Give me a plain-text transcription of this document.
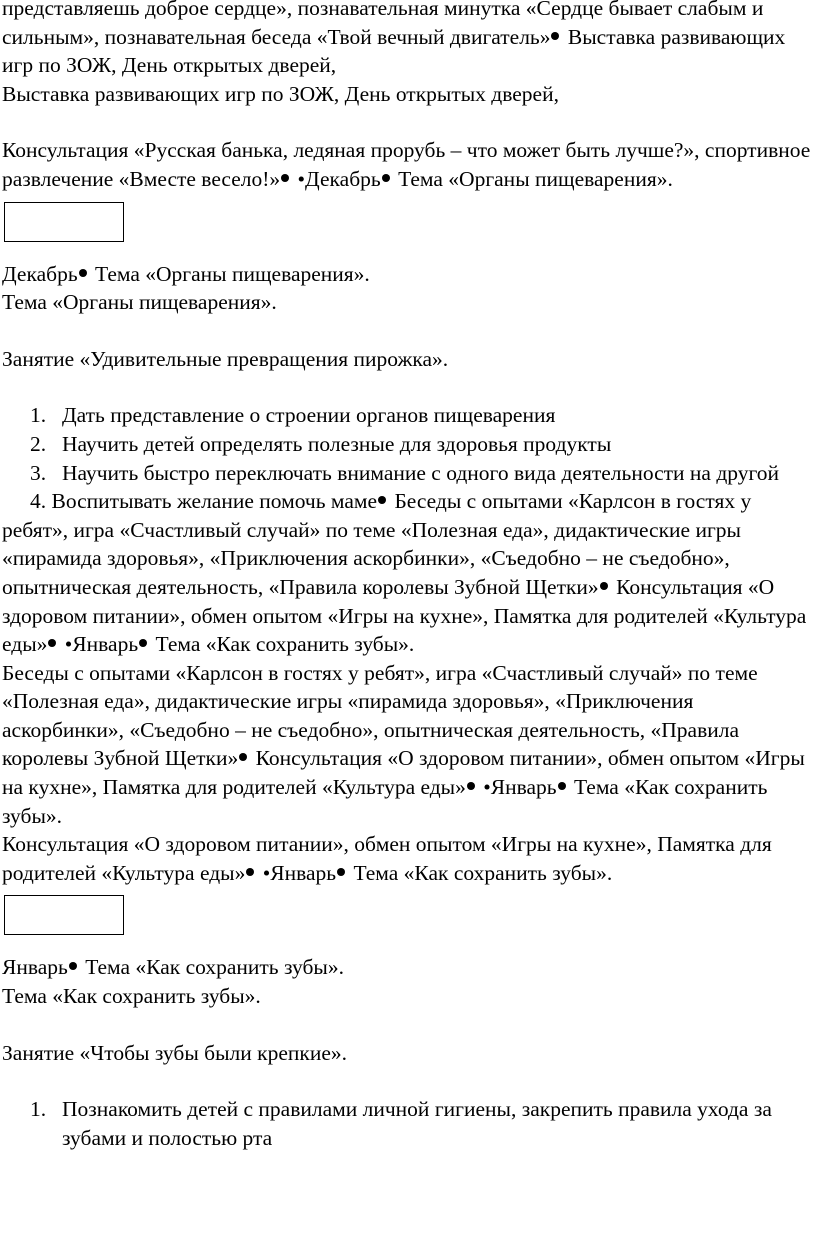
представляешь доброе сердце», познавательная минутка «Сердце бывает слабым и сильным», познавательная беседа «Твой вечный двигатель» Выставка развивающих игр по ЗОЖ, День открытых дверей,

Выставка развивающих игр по ЗОЖ, День открытых дверей,

Консультация «Русская банька, ледяная прорубь – что может быть лучше?», спортивное развлечение «Вместе весело!» •Декабрь Тема «Органы пищеварения».

Декабрь Тема «Органы пищеварения».

Тема «Органы пищеварения».

Занятие «Удивительные превращения пирожка».

1. Дать представление о строении органов пищеварения
2. Научить детей определять полезные для здоровья продукты
3. Научить быстро переключать внимание с одного вида деятельности на другой

4. Воспитывать желание помочь маме Беседы с опытами «Карлсон в гостях у ребят», игра «Счастливый случай» по теме «Полезная еда», дидактические игры «пирамида здоровья», «Приключения аскорбинки», «Съедобно – не съедобно», опытническая деятельность, «Правила королевы Зубной Щетки» Консультация «О здоровом питании», обмен опытом «Игры на кухне», Памятка для родителей «Культура еды» •Январь Тема «Как сохранить зубы».

Беседы с опытами «Карлсон в гостях у ребят», игра «Счастливый случай» по теме «Полезная еда», дидактические игры «пирамида здоровья», «Приключения аскорбинки», «Съедобно – не съедобно», опытническая деятельность, «Правила королевы Зубной Щетки» Консультация «О здоровом питании», обмен опытом «Игры на кухне», Памятка для родителей «Культура еды» •Январь Тема «Как сохранить зубы».

Консультация «О здоровом питании», обмен опытом «Игры на кухне», Памятка для родителей «Культура еды» •Январь Тема «Как сохранить зубы».

Январь Тема «Как сохранить зубы».

Тема «Как сохранить зубы».

Занятие «Чтобы зубы были крепкие».

1. Познакомить детей с правилами личной гигиены, закрепить правила ухода за зубами и полостью рта
